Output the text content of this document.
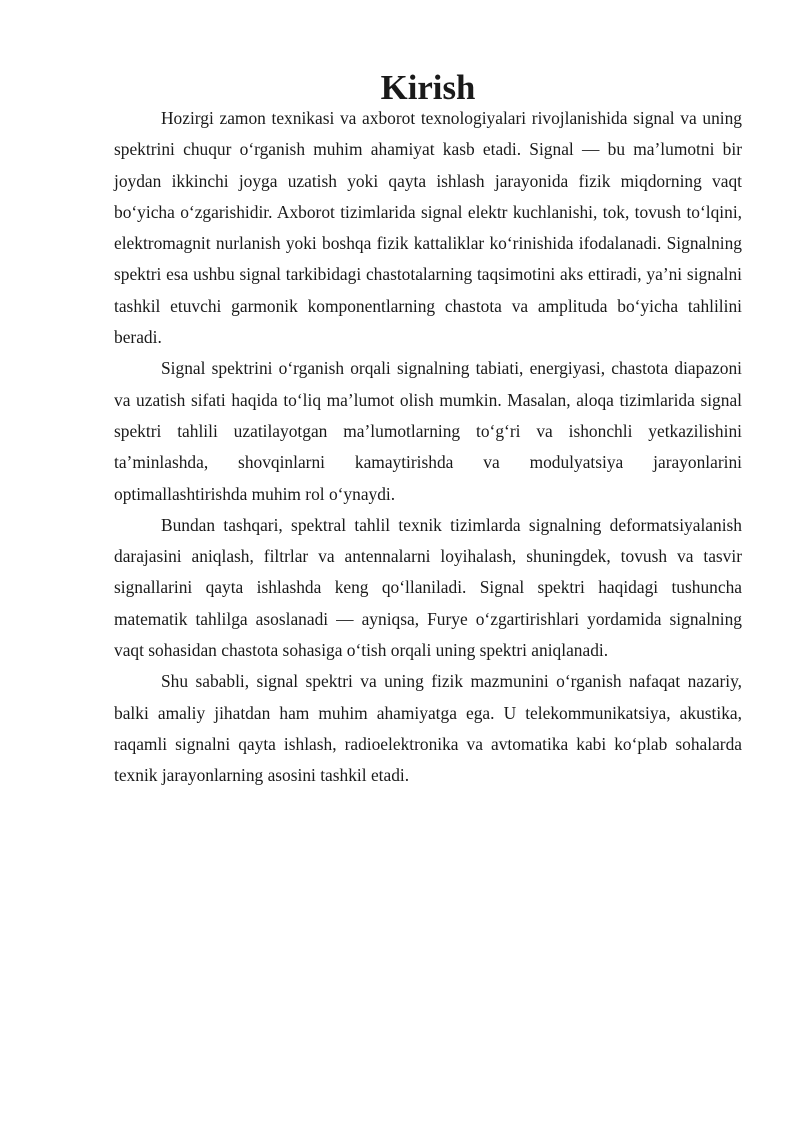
Kirish

Hozirgi zamon texnikasi va axborot texnologiyalari rivojlanishida signal va uning spektrini chuqur o‘rganish muhim ahamiyat kasb etadi. Signal — bu ma’lumotni bir joydan ikkinchi joyga uzatish yoki qayta ishlash jarayonida fizik miqdorning vaqt bo‘yicha o‘zgarishidir. Axborot tizimlarida signal elektr kuchlanishi, tok, tovush to‘lqini, elektromagnit nurlanish yoki boshqa fizik kattaliklar ko‘rinishida ifodalanadi. Signalning spektri esa ushbu signal tarkibidagi chastotalarning taqsimotini aks ettiradi, ya’ni signalni tashkil etuvchi garmonik komponentlarning chastota va amplituda bo‘yicha tahlilini beradi.

Signal spektrini o‘rganish orqali signalning tabiati, energiyasi, chastota diapazoni va uzatish sifati haqida to‘liq ma’lumot olish mumkin. Masalan, aloqa tizimlarida signal spektri tahlili uzatilayotgan ma’lumotlarning to‘g‘ri va ishonchli yetkazilishini ta’minlashda, shovqinlarni kamaytirishda va modulyatsiya jarayonlarini optimallashtirishda muhim rol o‘ynaydi.

Bundan tashqari, spektral tahlil texnik tizimlarda signalning deformatsiyalanish darajasini aniqlash, filtrlar va antennalarni loyihalash, shuningdek, tovush va tasvir signallarini qayta ishlashda keng qo‘llaniladi. Signal spektri haqidagi tushuncha matematik tahlilga asoslanadi — ayniqsa, Furye o‘zgartirishlari yordamida signalning vaqt sohasidan chastota sohasiga o‘tish orqali uning spektri aniqlanadi.

Shu sababli, signal spektri va uning fizik mazmunini o‘rganish nafaqat nazariy, balki amaliy jihatdan ham muhim ahamiyatga ega. U telekommunikatsiya, akustika, raqamli signalni qayta ishlash, radioelektronika va avtomatika kabi ko‘plab sohalarda texnik jarayonlarning asosini tashkil etadi.
